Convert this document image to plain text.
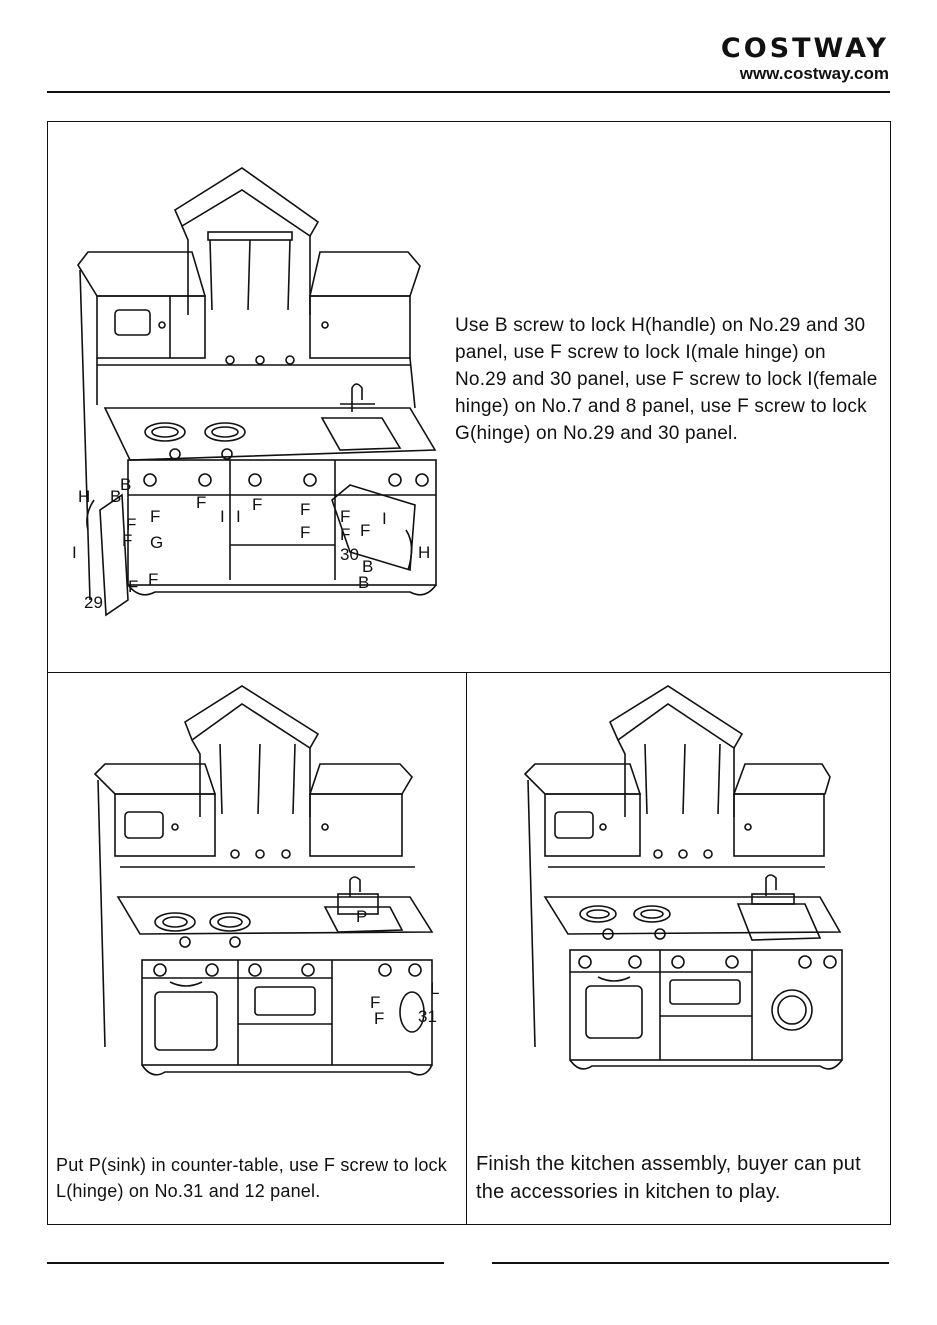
COSTWAY
www.costway.com
H B
B
F
F
F G
I
F
F
29
F
I I
F F F
F F F
I
30
B
B
H
Use B screw to lock H(handle) on No.29 and 30 panel, use F screw to lock I(male hinge) on No.29 and 30 panel, use F screw to lock I(female hinge) on No.7 and 8 panel, use F screw to lock G(hinge) on No.29 and 30 panel.
P
L
F
F 31
Put P(sink) in counter-table, use F screw to lock L(hinge) on No.31 and 12 panel.
Finish the kitchen assembly, buyer can put the accessories in kitchen to play.
